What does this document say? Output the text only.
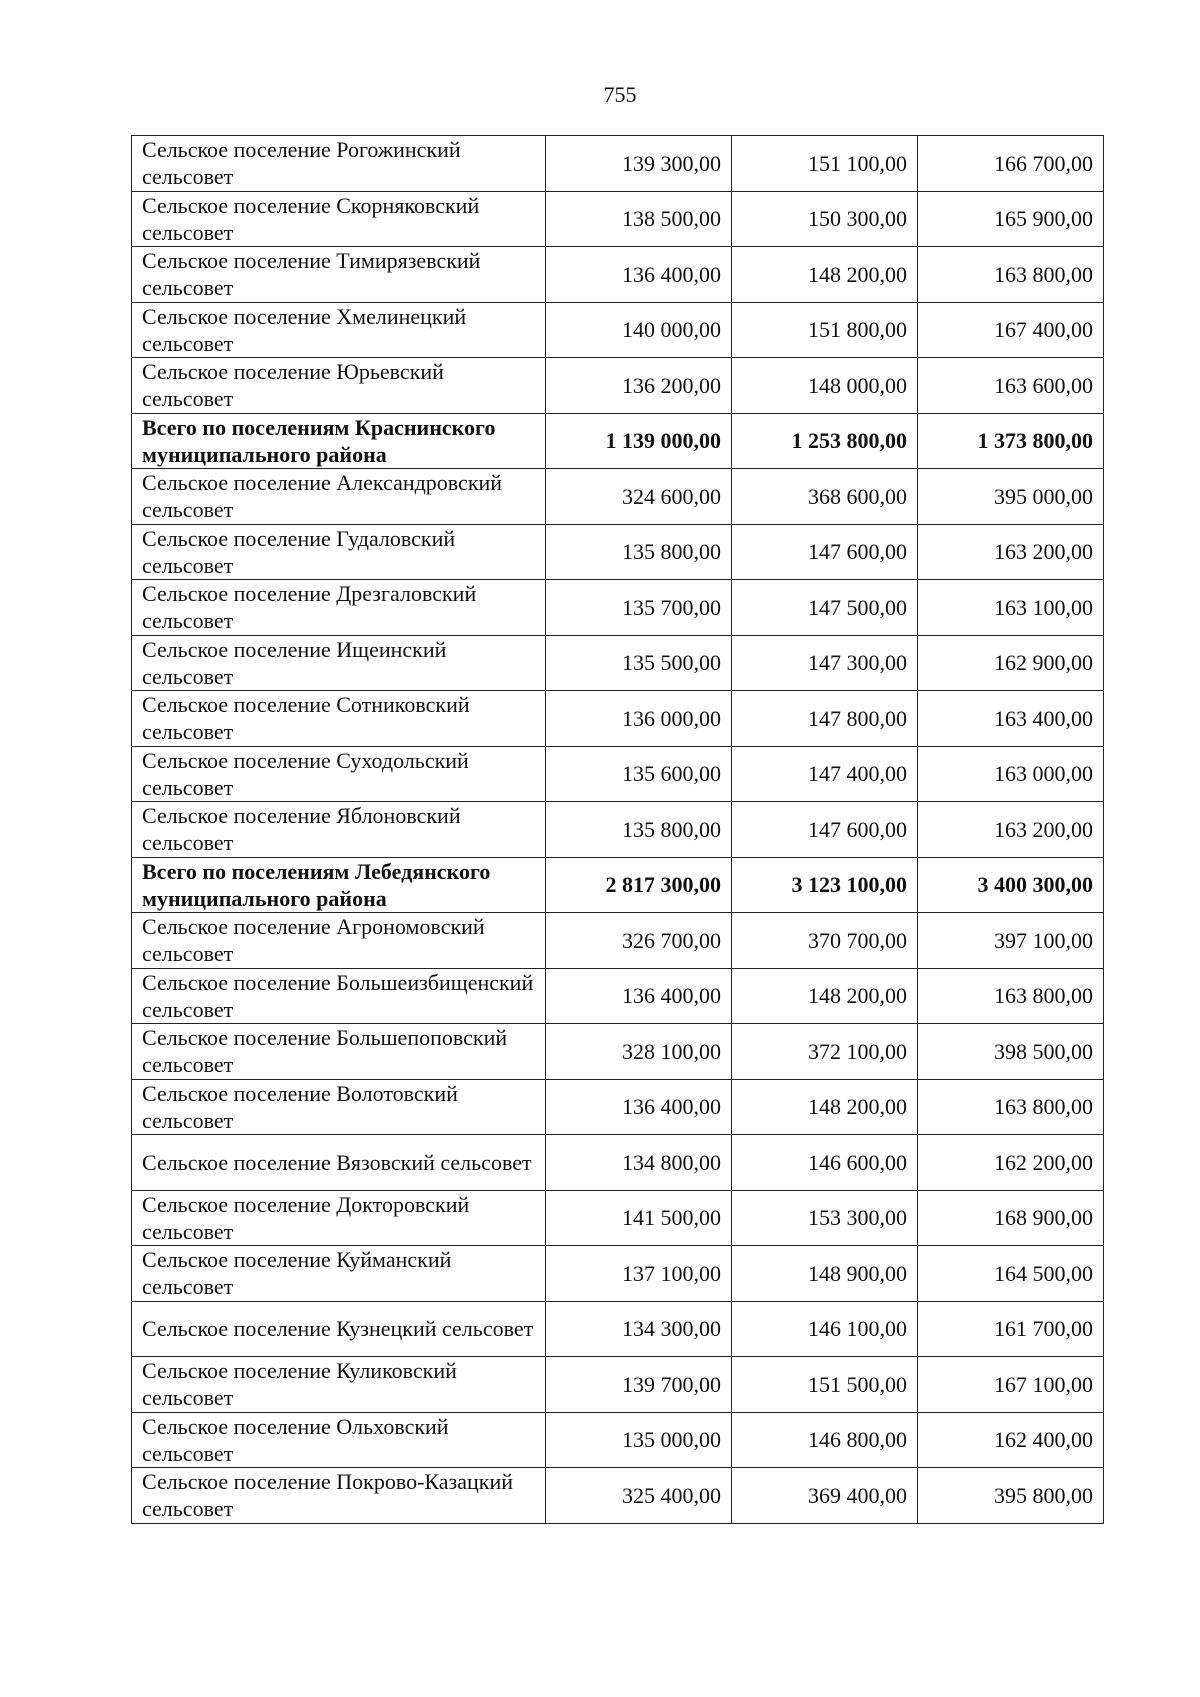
755
Сельское поселение Рогожинский сельсовет	139 300,00	151 100,00	166 700,00
Сельское поселение Скорняковский сельсовет	138 500,00	150 300,00	165 900,00
Сельское поселение Тимирязевский сельсовет	136 400,00	148 200,00	163 800,00
Сельское поселение Хмелинецкий сельсовет	140 000,00	151 800,00	167 400,00
Сельское поселение Юрьевский сельсовет	136 200,00	148 000,00	163 600,00
Всего по поселениям Краснинского муниципального района	1 139 000,00	1 253 800,00	1 373 800,00
Сельское поселение Александровский сельсовет	324 600,00	368 600,00	395 000,00
Сельское поселение Гудаловский сельсовет	135 800,00	147 600,00	163 200,00
Сельское поселение Дрезгаловский сельсовет	135 700,00	147 500,00	163 100,00
Сельское поселение Ищеинский сельсовет	135 500,00	147 300,00	162 900,00
Сельское поселение Сотниковский сельсовет	136 000,00	147 800,00	163 400,00
Сельское поселение Суходольский сельсовет	135 600,00	147 400,00	163 000,00
Сельское поселение Яблоновский сельсовет	135 800,00	147 600,00	163 200,00
Всего по поселениям Лебедянского муниципального района	2 817 300,00	3 123 100,00	3 400 300,00
Сельское поселение Агрономовский сельсовет	326 700,00	370 700,00	397 100,00
Сельское поселение Большеизбищенский сельсовет	136 400,00	148 200,00	163 800,00
Сельское поселение Большепоповский сельсовет	328 100,00	372 100,00	398 500,00
Сельское поселение Волотовский сельсовет	136 400,00	148 200,00	163 800,00
Сельское поселение Вязовский сельсовет	134 800,00	146 600,00	162 200,00
Сельское поселение Докторовский сельсовет	141 500,00	153 300,00	168 900,00
Сельское поселение Куйманский сельсовет	137 100,00	148 900,00	164 500,00
Сельское поселение Кузнецкий сельсовет	134 300,00	146 100,00	161 700,00
Сельское поселение Куликовский сельсовет	139 700,00	151 500,00	167 100,00
Сельское поселение Ольховский сельсовет	135 000,00	146 800,00	162 400,00
Сельское поселение Покрово-Казацкий сельсовет	325 400,00	369 400,00	395 800,00
